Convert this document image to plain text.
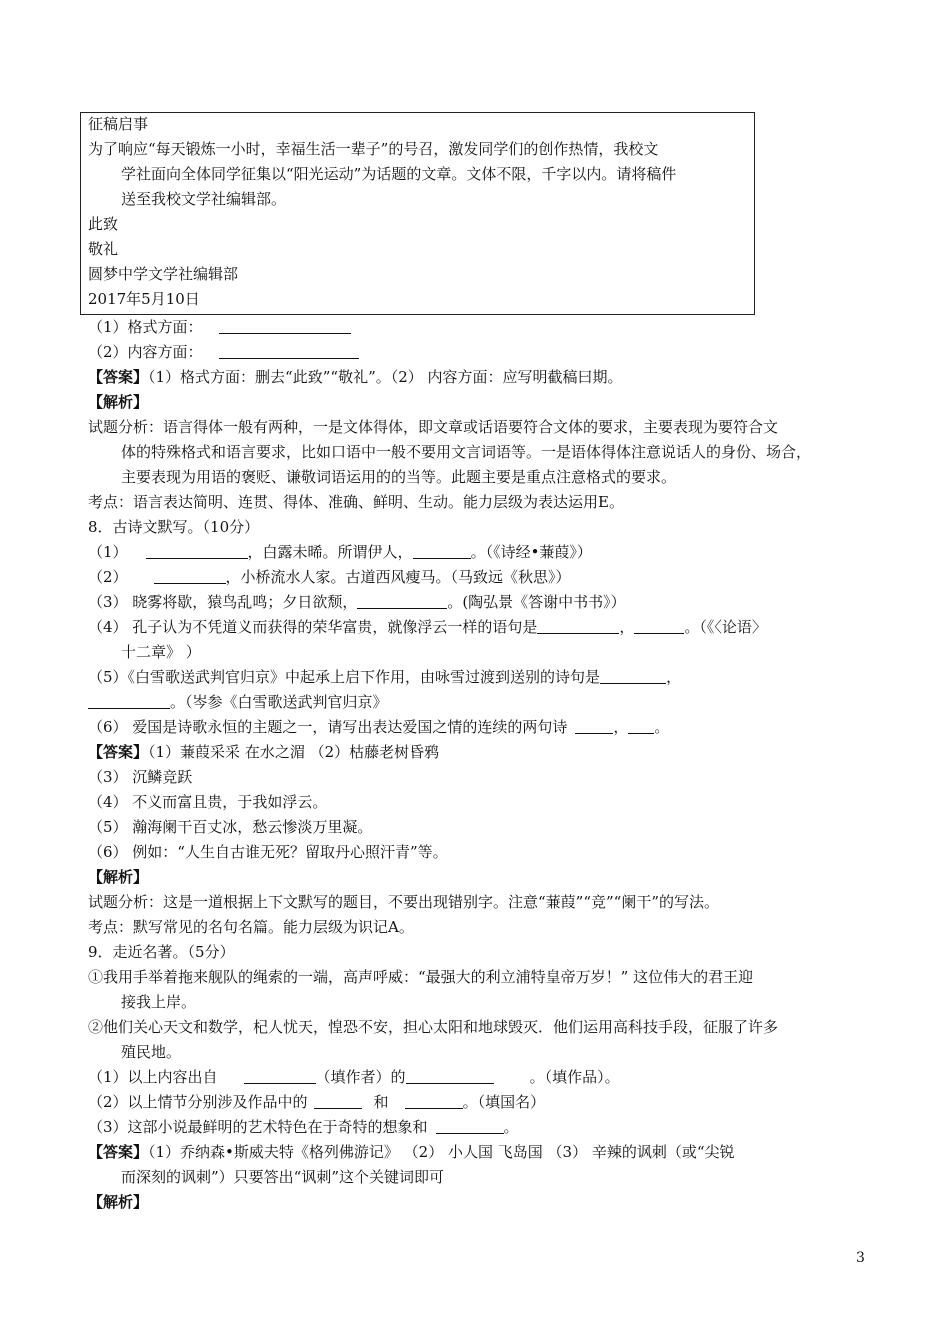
征稿启事
为了响应“每天锻炼一小时，幸福生活一辈子”的号召，激发同学们的创作热情，我校文
学社面向全体同学征集以“阳光运动”为话题的文章。文体不限，千字以内。请将稿件
送至我校文学社编辑部。
此致
敬礼
圆梦中学文学社编辑部
2017年5月10日
（1）格式方面：
（2）内容方面：
【答案】（1）格式方面：删去“此致”“敬礼”。（2） 内容方面：应写明截稿曰期。
【解析】
试题分析：语言得体一般有两种，一是文体得体，即文章或话语要符合文体的要求，主要表现为要符合文
体的特殊格式和语言要求，比如口语中一般不要用文言词语等。一是语体得体注意说话人的身份、场合，
主要表现为用语的褒贬、谦敬词语运用的的当等。此题主要是重点注意格式的要求。
考点：语言表达简明、连贯、得体、准确、鲜明、生动。能力层级为表达运用E。
8．古诗文默写。（10分）
（1）	，白露未晞。所谓伊人，	。（《诗经•蒹葭》）
（2）	，小桥流水人家。古道西风瘦马。（马致远《秋思》）
（3） 晓雾将歇，猿鸟乱鸣；夕日欲颓，	。(陶弘景《答谢中书书》）
（4） 孔子认为不凭道义而获得的荣华富贵，就像浮云一样的语句是	，	。（《〈论语〉
十二章》 ）
（5）《白雪歌送武判官归京》中起承上启下作用，由咏雪过渡到送别的诗句是	，
。（岑参《白雪歌送武判官归京》
（6） 爱国是诗歌永恒的主题之一，请写出表达爱国之情的连续的两句诗	， 。
【答案】（1）蒹葭采采 在水之湄 （2）枯藤老树昏鸦
（3） 沉鳞竞跃
（4） 不义而富且贵，于我如浮云。
（5） 瀚海阑干百丈冰，愁云惨淡万里凝。
（6） 例如：“人生自古谁无死？留取丹心照汗青”等。
【解析】
试题分析：这是一道根据上下文默写的题目，不要出现错别字。注意“蒹葭”“竞”“阑干”的写法。
考点：默写常见的名句名篇。能力层级为识记A。
9．走近名著。（5分）
①我用手举着拖来舰队的绳索的一端，高声呼威：“最强大的利立浦特皇帝万岁！” 这位伟大的君王迎
接我上岸。
②他们关心天文和数学，杞人忧天，惶恐不安，担心太阳和地球毁灭．他们运用高科技手段，征服了许多
殖民地。
（1）以上内容出自	（填作者）的	。（填作品）。
（2）以上情节分别涉及作品中的	和	。（填国名）
（3）这部小说最鲜明的艺术特色在于奇特的想象和	。
【答案】（1）乔纳森•斯威夫特《格列佛游记》 （2） 小人国 飞岛国 （3） 辛辣的讽刺（或“尖锐
而深刻的讽刺”）只要答出“讽刺”这个关键词即可
【解析】
3
